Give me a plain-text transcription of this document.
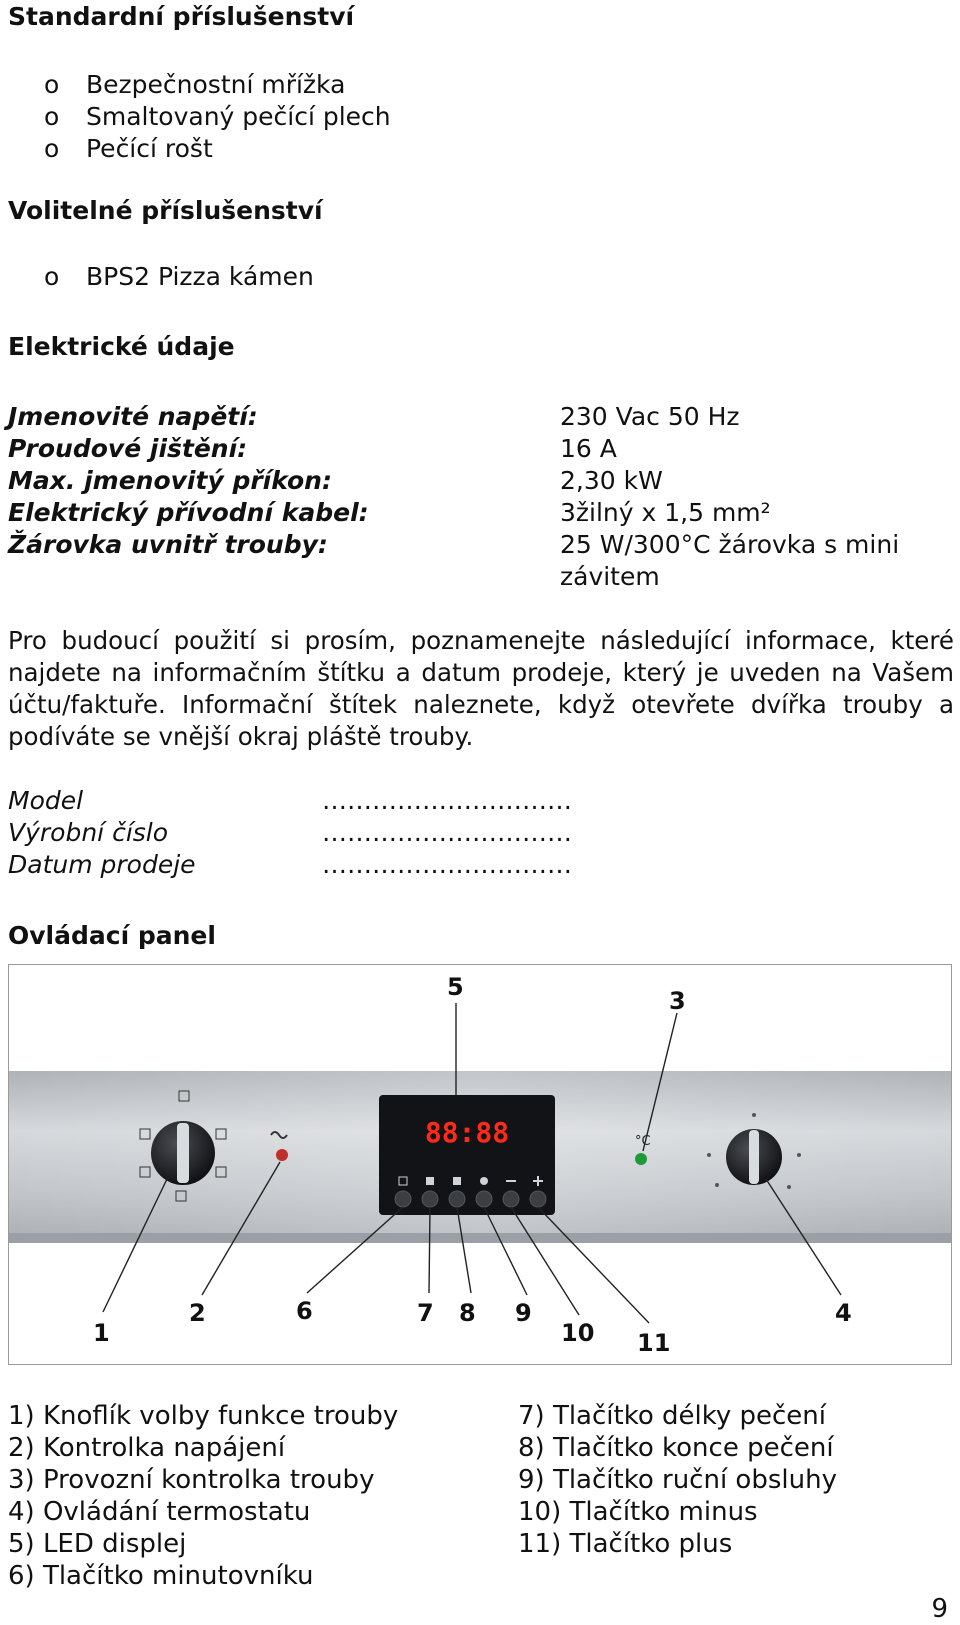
Standardní příslušenství
o Bezpečnostní mřížka
o Smaltovaný pečící plech
o Pečící rošt
Volitelné příslušenství
o BPS2 Pizza kámen
Elektrické údaje
Jmenovité napětí:	230 Vac 50 Hz
Proudové jištění:	16 A
Max. jmenovitý příkon:	2,30 kW
Elektrický přívodní kabel:	3žilný x 1,5 mm²
Žárovka uvnitř trouby:	25 W/300°C žárovka s mini
závitem
Pro budoucí použití si prosím, poznamenejte následující informace, které najdete na informačním štítku a datum prodeje, který je uveden na Vašem účtu/faktuře. Informační štítek naleznete, když otevřete dvířka trouby a podíváte se vnější okraj pláště trouby.
Model	…………………………
Výrobní číslo	…………………………
Datum prodeje	…………………………
Ovládací panel
88:88	°C
1
2
3
4
5
6	7 8 9
10 11
1) Knoflík volby funkce trouby
2) Kontrolka napájení
3) Provozní kontrolka trouby
4) Ovládání termostatu
5) LED displej
6) Tlačítko minutovníku
7) Tlačítko délky pečení
8) Tlačítko konce pečení
9) Tlačítko ruční obsluhy
10) Tlačítko minus
11) Tlačítko plus
9
